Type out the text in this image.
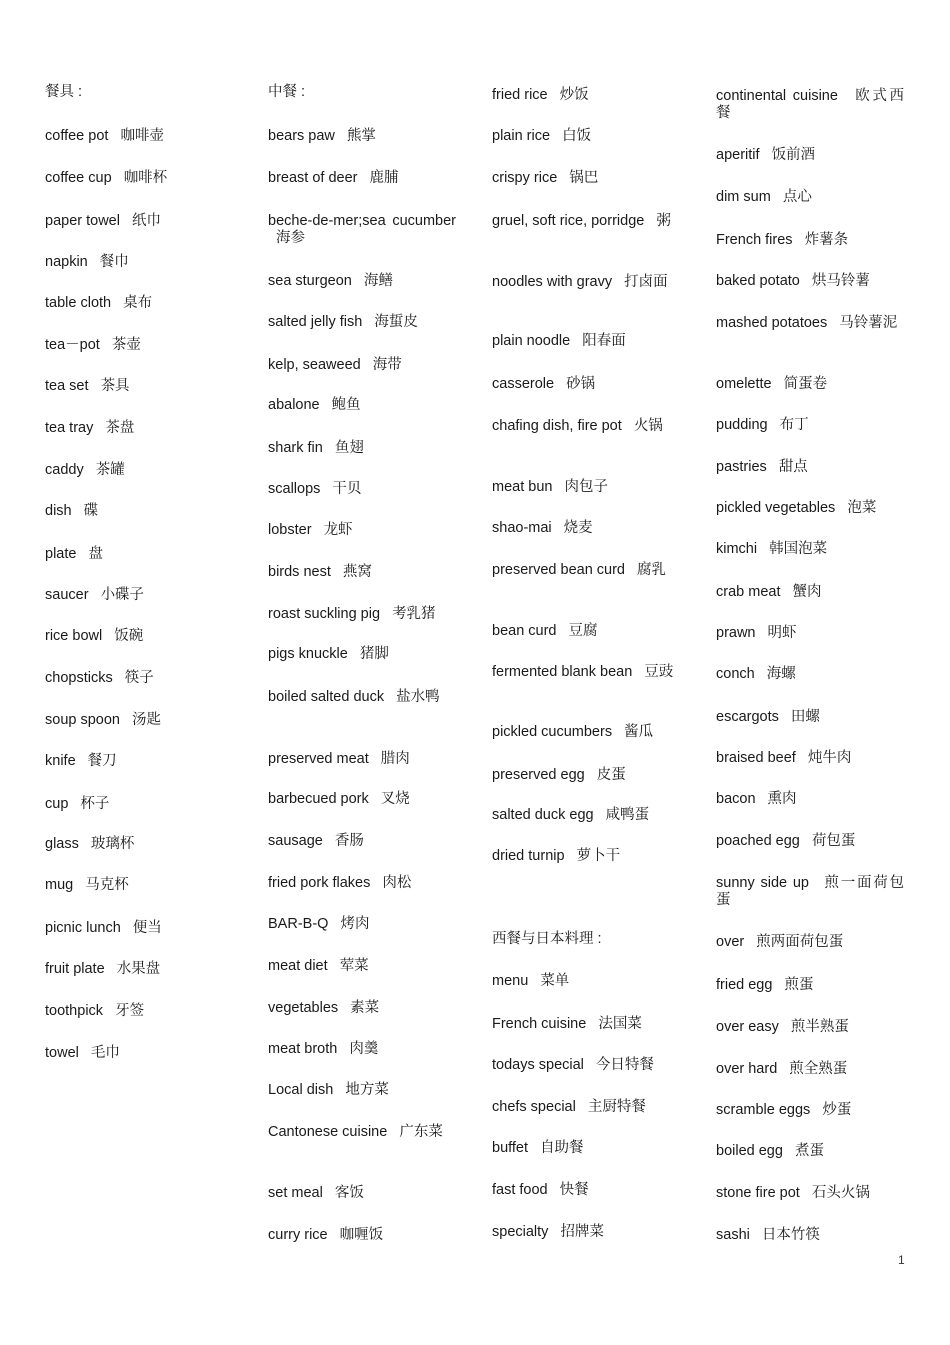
餐具 :
coffee pot 咖啡壶
coffee cup 咖啡杯
paper towel 纸巾
napkin 餐巾
table cloth 桌布
tea－pot 茶壶
tea set 茶具
tea tray 茶盘
caddy 茶罐
dish 碟
plate 盘
saucer 小碟子
rice bowl 饭碗
chopsticks 筷子
soup spoon 汤匙
knife 餐刀
cup 杯子
glass 玻璃杯
mug 马克杯
picnic lunch 便当
fruit plate 水果盘
toothpick 牙签
towel 毛巾
中餐 :
bears paw 熊掌
breast of deer 鹿脯
beche-de-mer;sea cucumber 海参
sea sturgeon 海鳝
salted jelly fish 海蜇皮
kelp, seaweed 海带
abalone 鲍鱼
shark fin 鱼翅
scallops 干贝
lobster 龙虾
birds nest 燕窝
roast suckling pig 考乳猪
pigs knuckle 猪脚
boiled salted duck 盐水鸭
preserved meat 腊肉
barbecued pork 叉烧
sausage 香肠
fried pork flakes 肉松
BAR-B-Q 烤肉
meat diet 荤菜
vegetables 素菜
meat broth 肉羹
Local dish 地方菜
Cantonese cuisine 广东菜
set meal 客饭
curry rice 咖喱饭
fried rice 炒饭
plain rice 白饭
crispy rice 锅巴
gruel, soft rice, porridge 粥
noodles with gravy 打卤面
plain noodle 阳春面
casserole 砂锅
chafing dish, fire pot 火锅
meat bun 肉包子
shao-mai 烧麦
preserved bean curd 腐乳
bean curd 豆腐
fermented blank bean 豆豉
pickled cucumbers 酱瓜
preserved egg 皮蛋
salted duck egg 咸鸭蛋
dried turnip 萝卜干
西餐与日本料理 :
menu 菜单
French cuisine 法国菜
todays special 今日特餐
chefs special 主厨特餐
buffet 自助餐
fast food 快餐
specialty 招牌菜
continental cuisine 欧式西餐
aperitif 饭前酒
dim sum 点心
French fires 炸薯条
baked potato 烘马铃薯
mashed potatoes 马铃薯泥
omelette 简蛋卷
pudding 布丁
pastries 甜点
pickled vegetables 泡菜
kimchi 韩国泡菜
crab meat 蟹肉
prawn 明虾
conch 海螺
escargots 田螺
braised beef 炖牛肉
bacon 熏肉
poached egg 荷包蛋
sunny side up 煎一面荷包蛋
over 煎两面荷包蛋
fried egg 煎蛋
over easy 煎半熟蛋
over hard 煎全熟蛋
scramble eggs 炒蛋
boiled egg 煮蛋
stone fire pot 石头火锅
sashi 日本竹筷
1
